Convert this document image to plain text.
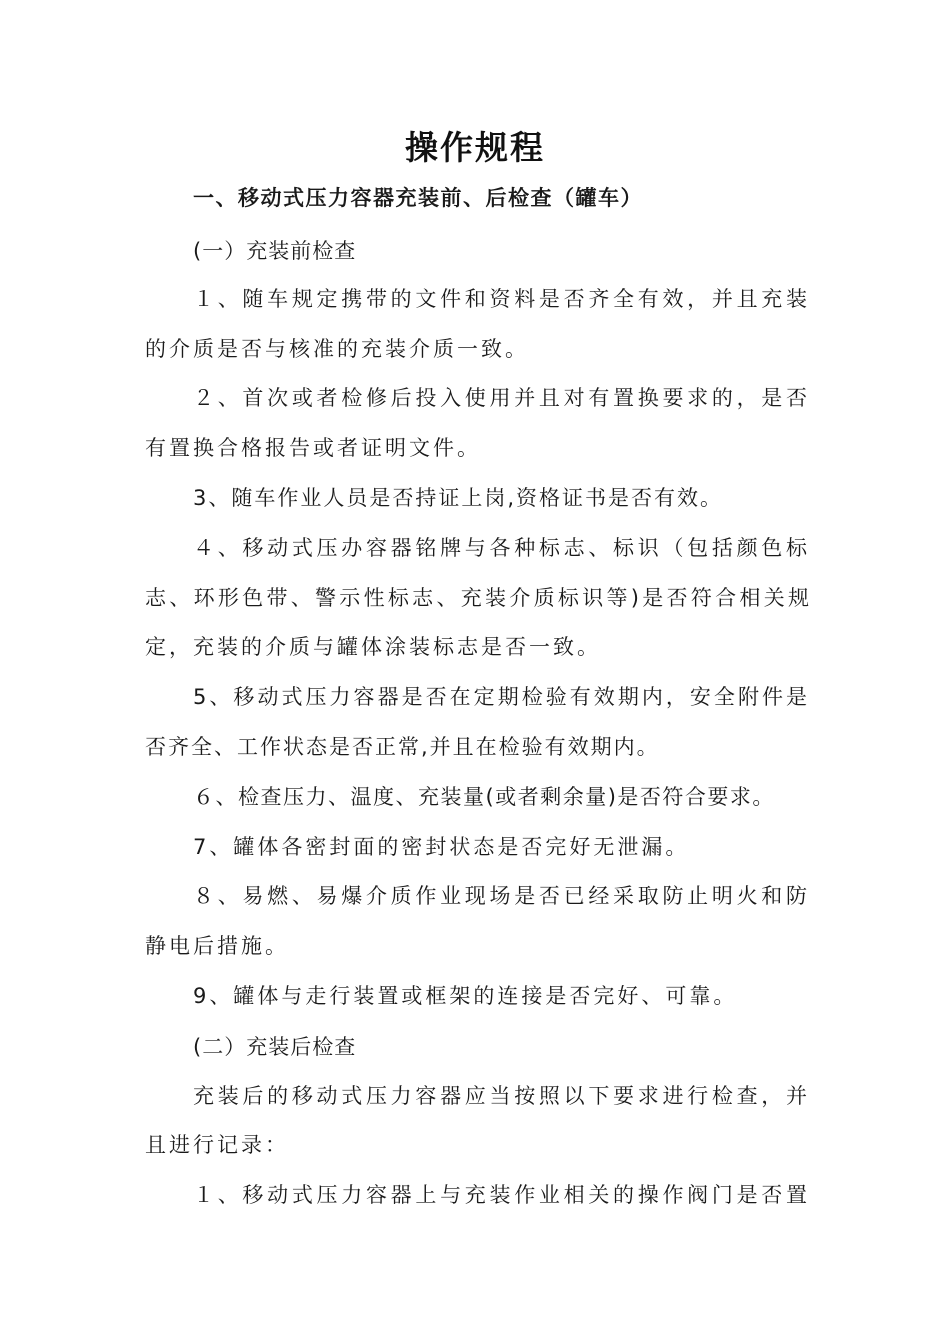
操作规程
一、移动式压力容器充装前、后检查（罐车）
(一）充装前检查
１、随车规定携带的文件和资料是否齐全有效，并且充装
的介质是否与核准的充装介质一致。
２、首次或者检修后投入使用并且对有置换要求的，是否
有置换合格报告或者证明文件。
3、随车作业人员是否持证上岗,资格证书是否有效。
４、移动式压办容器铭牌与各种标志、标识（包括颜色标
志、环形色带、警示性标志、充装介质标识等)是否符合相关规
定，充装的介质与罐体涂装标志是否一致。
5、移动式压力容器是否在定期检验有效期内，安全附件是
否齐全、工作状态是否正常,并且在检验有效期内。
６、检查压力、温度、充装量(或者剩余量)是否符合要求。
7、罐体各密封面的密封状态是否完好无泄漏。
８、易燃、易爆介质作业现场是否已经采取防止明火和防
静电后措施。
9、罐体与走行装置或框架的连接是否完好、可靠。
(二）充装后检查
充装后的移动式压力容器应当按照以下要求进行检查，并
且进行记录：
１、移动式压力容器上与充装作业相关的操作阀门是否置
